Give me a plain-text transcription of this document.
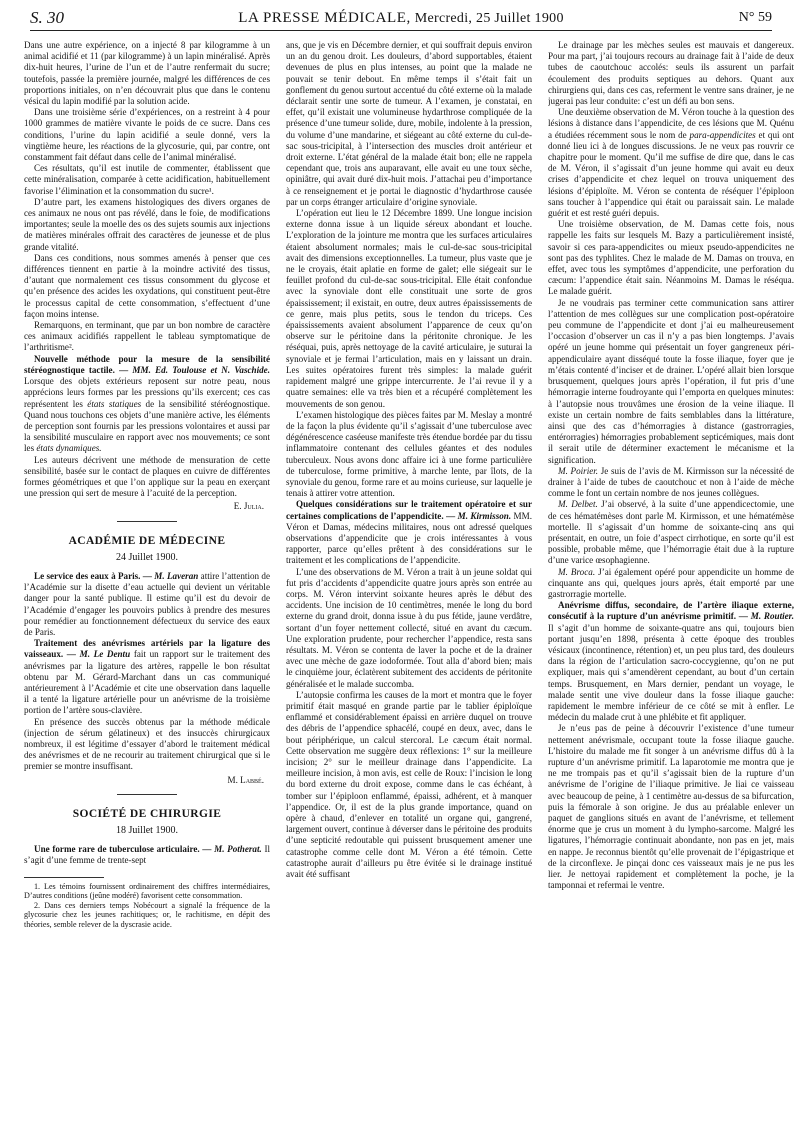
S. 30	LA PRESSE MÉDICALE, Mercredi, 25 Juillet 1900	N° 59

Dans une autre expérience, on a injecté 8 par kilogramme à un animal acidifié et 11 (par kilogramme) à un lapin minéralisé. Après dix-huit heures, l’urine de l’un et de l’autre renfermait du sucre; toutefois, passée la première journée, malgré les différences de ces proportions initiales, on n’en découvrait plus que dans le contenu vésical du lapin modifié par la solution acide.

Dans une troisième série d’expériences, on a restreint à 4 pour 1000 grammes de matière vivante le poids de ce sucre. Dans ces conditions, l’urine du lapin acidifié a seule donné, vers la vingtième heure, les réactions de la glycosurie, qui, par contre, ont constamment fait défaut dans celle de l’animal minéralisé.

Ces résultats, qu’il est inutile de commenter, établissent que cette minéralisation, comparée à cette acidification, habituellement favorise l’élimination et la consommation du sucre¹.

D’autre part, les examens histologiques des divers organes de ces animaux ne nous ont pas révélé, dans le foie, de modifications importantes; seule la moelle des os des sujets soumis aux injections de matières minérales offrait des caractères de jeunesse et de plus grande vitalité.

Dans ces conditions, nous sommes amenés à penser que ces différences tiennent en partie à la moindre activité des tissus, d’autant que normalement ces tissus consomment du glycose et qu’en présence des acides les oxydations, qui constituent peut-être le processus capital de cette consommation, s’effectuent d’une façon moins intense.

Remarquons, en terminant, que par un bon nombre de caractère ces animaux acidifiés rappellent le tableau symptomatique de l’arthritisme².

Nouvelle méthode pour la mesure de la sensibilité stéréognostique tactile. — MM. Ed. Toulouse et N. Vaschide. Lorsque des objets extérieurs reposent sur notre peau, nous apprécions leurs formes par les pressions qu’ils exercent; ces cas représentent les états statiques de la sensibilité stéréognostique. Quand nous touchons ces objets d’une manière active, les éléments de perception sont fournis par les pressions volontaires et aussi par la sensibilité musculaire en rapport avec nos mouvements; ce sont les états dynamiques.

Les auteurs décrivent une méthode de mensuration de cette sensibilité, basée sur le contact de plaques en cuivre de différentes formes géométriques et que l’on applique sur la peau en exerçant une pression qui sert de mesure à l’acuité de la perception.

E. Julia.

ACADÉMIE DE MÉDECINE

24 Juillet 1900.

Le service des eaux à Paris. — M. Laveran attire l’attention de l’Académie sur la disette d’eau actuelle qui devient un véritable danger pour la santé publique. Il estime qu’il est du devoir de l’Académie d’engager les pouvoirs publics à prendre des mesures pour remédier au fonctionnement défectueux du service des eaux de Paris.

Traitement des anévrismes artériels par la ligature des vaisseaux. — M. Le Dentu fait un rapport sur le traitement des anévrismes par la ligature des artères, rappelle le bon résultat obtenu par M. Gérard-Marchant dans un cas communiqué antérieurement à l’Académie et cite une observation dans laquelle il a tenté la ligature artérielle pour un anévrisme de la troisième portion de l’artère sous-clavière.

En présence des succès obtenus par la méthode médicale (injection de sérum gélatineux) et des insuccès chirurgicaux nombreux, il est légitime d’essayer d’abord le traitement médical des anévrismes et de ne recourir au traitement chirurgical que si le premier se montre insuffisant.

M. Labbé.

SOCIÉTÉ DE CHIRURGIE

18 Juillet 1900.

Une forme rare de tuberculose articulaire. — M. Potherat. Il s’agit d’une femme de trente-sept

1. Les témoins fournissent ordinairement des chiffres intermédiaires, D’autres conditions (jeûne modéré) favorisent cette consommation.

2. Dans ces derniers temps Nobécourt a signalé la fréquence de la glycosurie chez les jeunes rachitiques; or, le rachitisme, en dépit des théories, semble relever de la dyscrasie acide.

ans, que je vis en Décembre dernier, et qui souffrait depuis environ un an du genou droit. Les douleurs, d’abord supportables, étaient devenues de plus en plus intenses, au point que la malade ne pouvait se tenir debout. En même temps il s’était fait un gonflement du genou surtout accentué du côté externe où la malade déclarait sentir une sorte de tumeur. A l’examen, je constatai, en effet, qu’il existait une volumineuse hydarthrose compliquée de la présence d’une tumeur solide, dure, mobile, indolente à la pression, du volume d’une mandarine, et siégeant au côté externe du cul-de-sac sous-tricipital, à l’intersection des muscles droit antérieur et droit externe. L’état général de la malade était bon; elle ne rappela cependant que, trois ans auparavant, elle avait eu une toux sèche, opiniâtre, qui avait duré dix-huit mois. J’attachai peu d’importance à ce renseignement et je portai le diagnostic d’hydarthrose causée par un corps étranger articulaire d’origine synoviale.

L’opération eut lieu le 12 Décembre 1899. Une longue incision externe donna issue à un liquide séreux abondant et louche. L’exploration de la jointure me montra que les surfaces articulaires étaient absolument normales; mais le cul-de-sac sous-tricipital avait des dimensions exceptionnelles. La tumeur, plus vaste que je ne le croyais, était aplatie en forme de galet; elle siégeait sur le feuillet profond du cul-de-sac sous-tricipital. Elle était confondue avec la synoviale dont elle constituait une sorte de gros épaississement; il existait, en outre, deux autres épaississements de ce genre, mais plus petits, sous le tendon du triceps. Ces épaississements avaient absolument l’apparence de ceux qu’on observe sur le péritoine dans la péritonite chronique. Je les réséquai, puis, après nettoyage de la cavité articulaire, je suturai la synoviale et je fermai l’articulation, mais en y laissant un drain. Les suites opératoires furent très simples: la malade guérit rapidement malgré une grippe intercurrente. Je l’ai revue il y a quatre semaines: elle va très bien et a récupéré complètement les mouvements de son genou.

L’examen histologique des pièces faites par M. Meslay a montré de la façon la plus évidente qu’il s’agissait d’une tuberculose avec dégénérescence caséeuse manifeste très étendue bordée par du tissu inflammatoire contenant des cellules géantes et des nodules tuberculeux. Nous avons donc affaire ici à une forme particulière de tuberculose, forme primitive, à marche lente, par îlots, de la synoviale du genou, forme rare et au moins curieuse, sur laquelle je tenais à attirer votre attention.

Quelques considérations sur le traitement opératoire et sur certaines complications de l’appendicite. — M. Kirmisson. MM. Véron et Damas, médecins militaires, nous ont adressé quelques observations d’appendicite que je crois intéressantes à vous rapporter, parce qu’elles prêtent à des considérations sur le traitement et les complications de l’appendicite.

L’une des observations de M. Véron a trait à un jeune soldat qui fut pris d’accidents d’appendicite quatre jours après son entrée au corps. M. Véron intervint soixante heures après le début des accidents. Une incision de 10 centimètres, menée le long du bord externe du grand droit, donna issue à du pus fétide, jaune verdâtre, sortant d’un foyer nettement collecté, situé en avant du cæcum. Une exploration prudente, pour rechercher l’appendice, resta sans résultats. M. Véron se contenta de laver la poche et de la drainer avec une mèche de gaze iodoformée. Tout alla d’abord bien; mais le cinquième jour, éclatèrent subitement des accidents de péritonite généralisée et le malade succomba.

L’autopsie confirma les causes de la mort et montra que le foyer primitif était masqué en grande partie par le tablier épiploïque enflammé et considérablement épaissi en arrière duquel on trouve des débris de l’appendice sphacélé, coupé en deux, avec, dans le bout périphérique, un calcul stercoral. Le cæcum était normal. Cette observation me suggère deux réflexions: 1° sur la meilleure incision; 2° sur le meilleur drainage dans l’appendicite. La meilleure incision, à mon avis, est celle de Roux: l’incision le long du bord externe du droit expose, comme dans le cas échéant, à tomber sur l’épiploon enflammé, épaissi, adhérent, et à manquer l’appendice. Or, il est de la plus grande importance, quand on opère à chaud, d’enlever en totalité un organe qui, gangrené, largement ouvert, continue à déverser dans le péritoine des produits d’une septicité redoutable qui puissent brusquement amener une catastrophe comme celle dont M. Véron a été témoin. Cette catastrophe aurait d’ailleurs pu être évitée si le drainage institué avait été suffisant

Le drainage par les mèches seules est mauvais et dangereux. Pour ma part, j’ai toujours recours au drainage fait à l’aide de deux tubes de caoutchouc accolés: seuls ils assurent un parfait écoulement des produits septiques au dehors. Quant aux chirurgiens qui, dans ces cas, referment le ventre sans drainer, je ne jugerai pas leur conduite: c’est un défi au bon sens.

Une deuxième observation de M. Véron touche à la question des lésions à distance dans l’appendicite, de ces lésions que M. Quénu a étudiées récemment sous le nom de para-appendicites et qui ont donné lieu ici à de longues discussions. Je ne veux pas rouvrir ce chapitre pour le moment. Qu’il me suffise de dire que, dans le cas de M. Véron, il s’agissait d’un jeune homme qui avait eu deux crises d’appendicite et chez lequel on trouva uniquement des lésions d’épiploïte. M. Véron se contenta de réséquer l’épiploon sans toucher à l’appendice qui était ou paraissait sain. Le malade guérit et est resté guéri depuis.

Une troisième observation, de M. Damas cette fois, nous rappelle les faits sur lesquels M. Bazy a particulièrement insisté, savoir si ces para-appendicites ou mieux pseudo-appendicites ne sont pas des typhlites. Chez le malade de M. Damas on trouva, en effet, avec tous les symptômes d’appendicite, une perforation du cæcum: l’appendice était sain. Néanmoins M. Damas le réséqua. Le malade guérit.

Je ne voudrais pas terminer cette communication sans attirer l’attention de mes collègues sur une complication post-opératoire peu commune de l’appendicite et dont j’ai eu malheureusement l’occasion d’observer un cas il n’y a pas bien longtemps. J’avais opéré un jeune homme qui présentait un foyer gangreneux péri-appendiculaire ayant disséqué toute la fosse iliaque, foyer que je m’étais contenté d’inciser et de drainer. L’opéré allait bien lorsque brusquement, quelques jours après l’opération, il fut pris d’une hémorragie interne foudroyante qui l’emporta en quelques minutes: à l’autopsie nous trouvâmes une érosion de la veine iliaque. Il existe un certain nombre de faits semblables dans la littérature, ainsi que des cas d’hémorragies à distance (gastrorragies, entérorragies) hémorragies probablement septicémiques, mais dont il serait utile de déterminer exactement le mécanisme et la signification.

M. Poirier. Je suis de l’avis de M. Kirmisson sur la nécessité de drainer à l’aide de tubes de caoutchouc et non à l’aide de mèche comme le font un certain nombre de nos jeunes collègues.

M. Delbet. J’ai observé, à la suite d’une appendicectomie, une de ces hématémèses dont parle M. Kirmisson, et une hématémèse mortelle. Il s’agissait d’un homme de soixante-cinq ans qui présentait, en outre, un foie d’aspect cirrhotique, en sorte qu’il est possible, probable même, que l’hémorragie était due à la rupture d’une varice œsophagienne.

M. Broca. J’ai également opéré pour appendicite un homme de cinquante ans qui, quelques jours après, était emporté par une gastrorragie mortelle.

Anévrisme diffus, secondaire, de l’artère iliaque externe, consécutif à la rupture d’un anévrisme primitif. — M. Routier. Il s’agit d’un homme de soixante-quatre ans qui, toujours bien portant jusqu’en 1898, présenta à cette époque des troubles vésicaux (incontinence, rétention) et, un peu plus tard, des douleurs dans la région de l’articulation sacro-coccygienne, qu’on ne put expliquer, mais qui s’amendèrent cependant, au bout d’un certain temps. Brusquement, en Mars dernier, pendant un voyage, le malade sentit une vive douleur dans la fosse iliaque gauche: rapidement le membre inférieur de ce côté se mit à enfler. Le médecin du malade crut à une phlébite et fit appliquer.

Je n’eus pas de peine à découvrir l’existence d’une tumeur nettement anévrismale, occupant toute la fosse iliaque gauche. L’histoire du malade me fit songer à un anévrisme diffus dû à la rupture d’un anévrisme primitif. La laparotomie me montra que je ne me trompais pas et qu’il s’agissait bien de la rupture d’un anévrisme de l’origine de l’iliaque primitive. Je liai ce vaisseau avec beaucoup de peine, à 1 centimètre au-dessus de sa bifurcation, puis la fémorale à son origine. Je dus au préalable enlever un paquet de ganglions situés en avant de l’anévrisme, et tellement énorme que je crus un moment à du lympho-sarcome. Malgré les ligatures, l’hémorragie continuait abondante, non pas en jet, mais en nappe. Je reconnus bientôt qu’elle provenait de l’épigastrique et de la circonflexe. Je pinçai donc ces vaisseaux mais je ne pus les lier. Je nettoyai rapidement et complètement la poche, je la tamponnai et refermai le ventre.
